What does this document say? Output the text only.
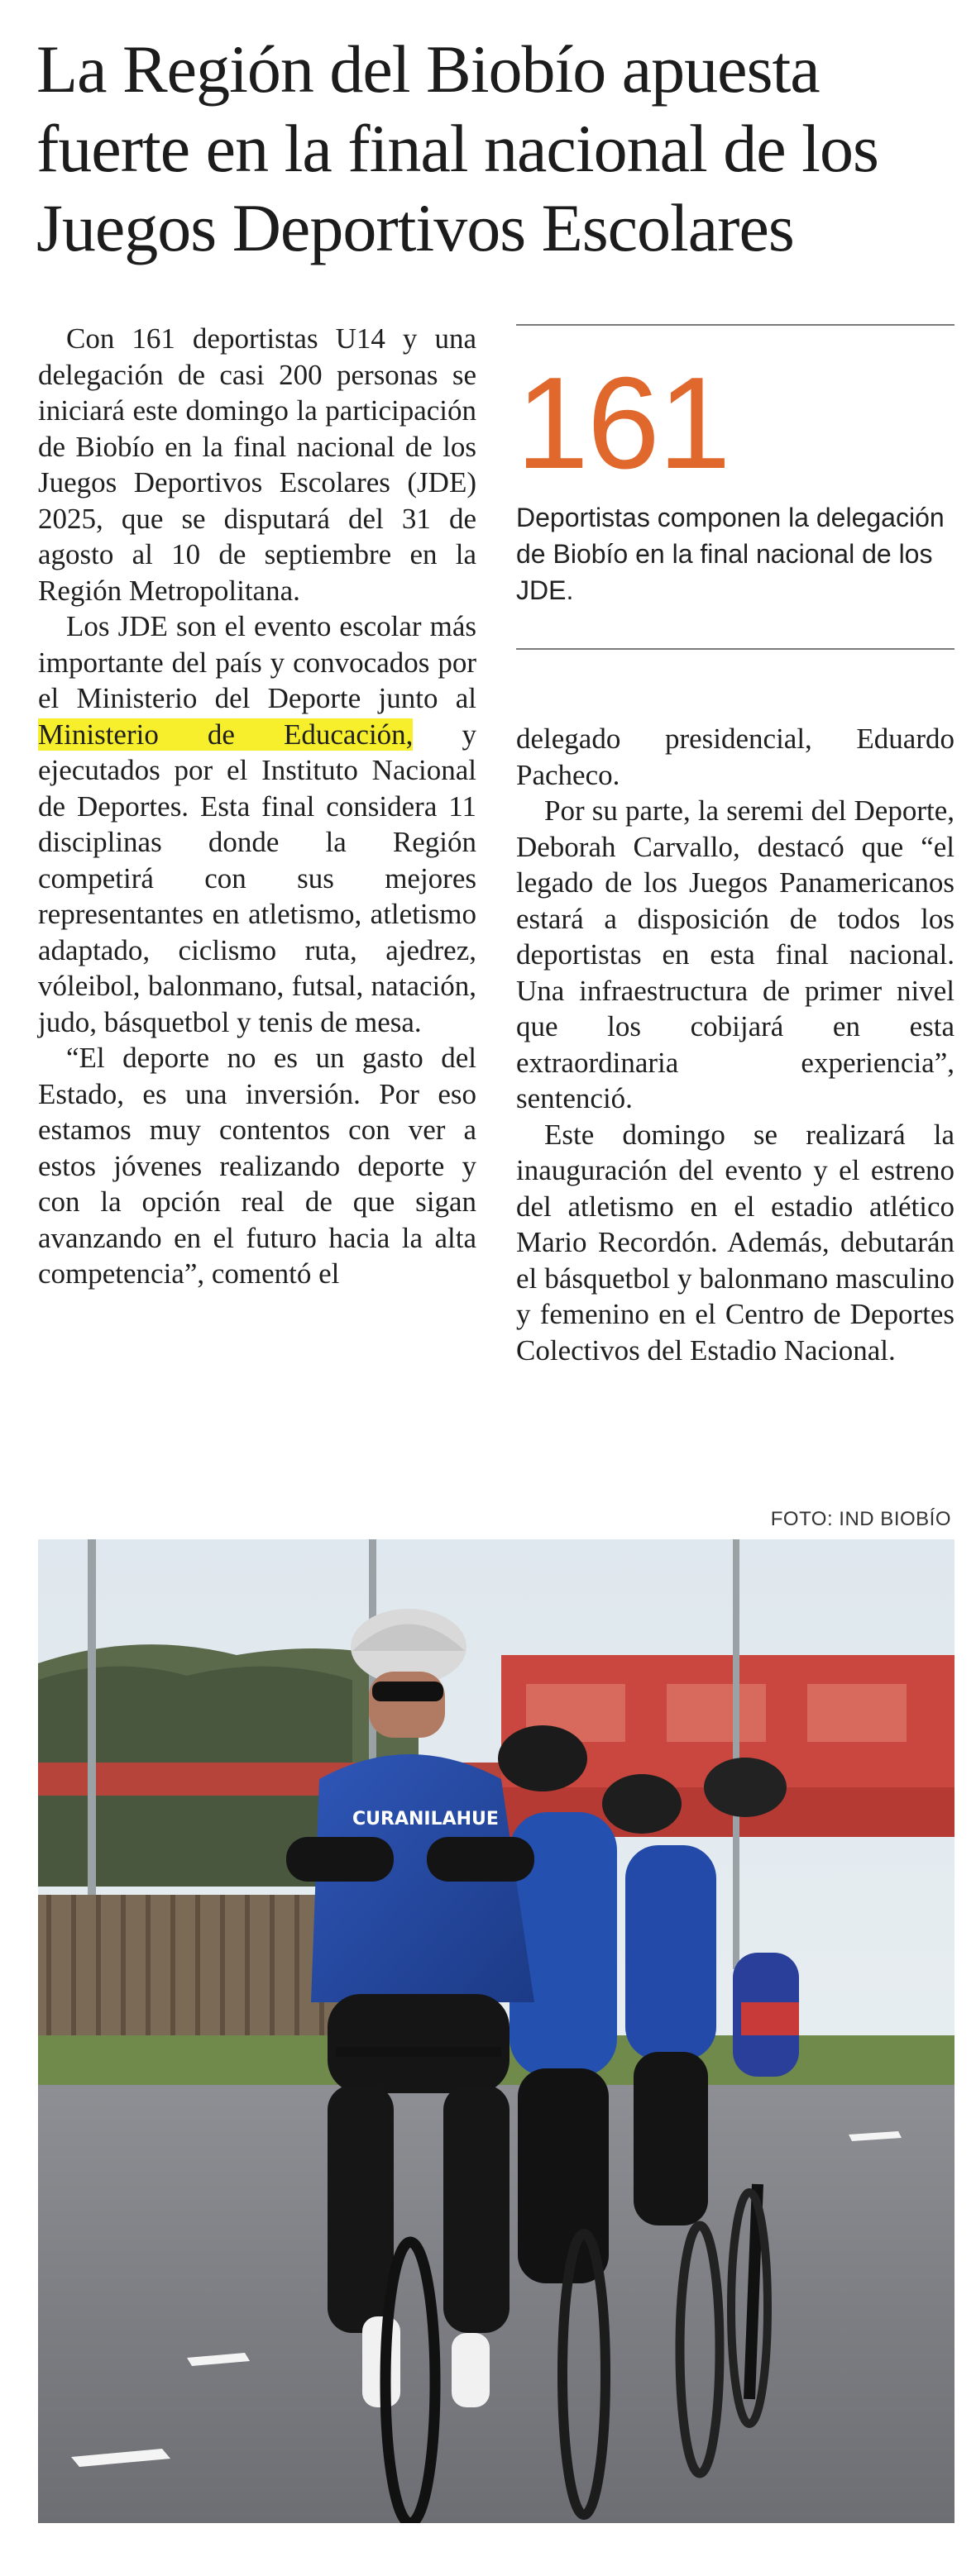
La Región del Biobío apuesta fuerte en la final nacional de los Juegos Deportivos Escolares

Con 161 deportistas U14 y una delegación de casi 200 personas se iniciará este domingo la participación de Biobío en la final nacional de los Juegos Deportivos Escolares (JDE) 2025, que se disputará del 31 de agosto al 10 de septiembre en la Región Metropolitana.

Los JDE son el evento escolar más importante del país y convocados por el Ministerio del Deporte junto al Ministerio de Educación, y ejecutados por el Instituto Nacional de Deportes. Esta final considera 11 disciplinas donde la Región competirá con sus mejores representantes en atletismo, atletismo adaptado, ciclismo ruta, ajedrez, vóleibol, balonmano, futsal, natación, judo, básquetbol y tenis de mesa.

“El deporte no es un gasto del Estado, es una inversión. Por eso estamos muy contentos con ver a estos jóvenes realizando deporte y con la opción real de que sigan avanzando en el futuro hacia la alta competencia”, comentó el

161

Deportistas componen la delegación de Biobío en la final nacional de los JDE.

delegado presidencial, Eduardo Pacheco.

Por su parte, la seremi del Deporte, Deborah Carvallo, destacó que “el legado de los Juegos Panamericanos estará a disposición de todos los deportistas en esta final nacional. Una infraestructura de primer nivel que los cobijará en esta extraordinaria experiencia”, sentenció.

Este domingo se realizará la inauguración del evento y el estreno del atletismo en el estadio atlético Mario Recordón. Además, debutarán el básquetbol y balonmano masculino y femenino en el Centro de Deportes Colectivos del Estadio Nacional.

FOTO: IND BIOBÍO
CURANILAHUE
